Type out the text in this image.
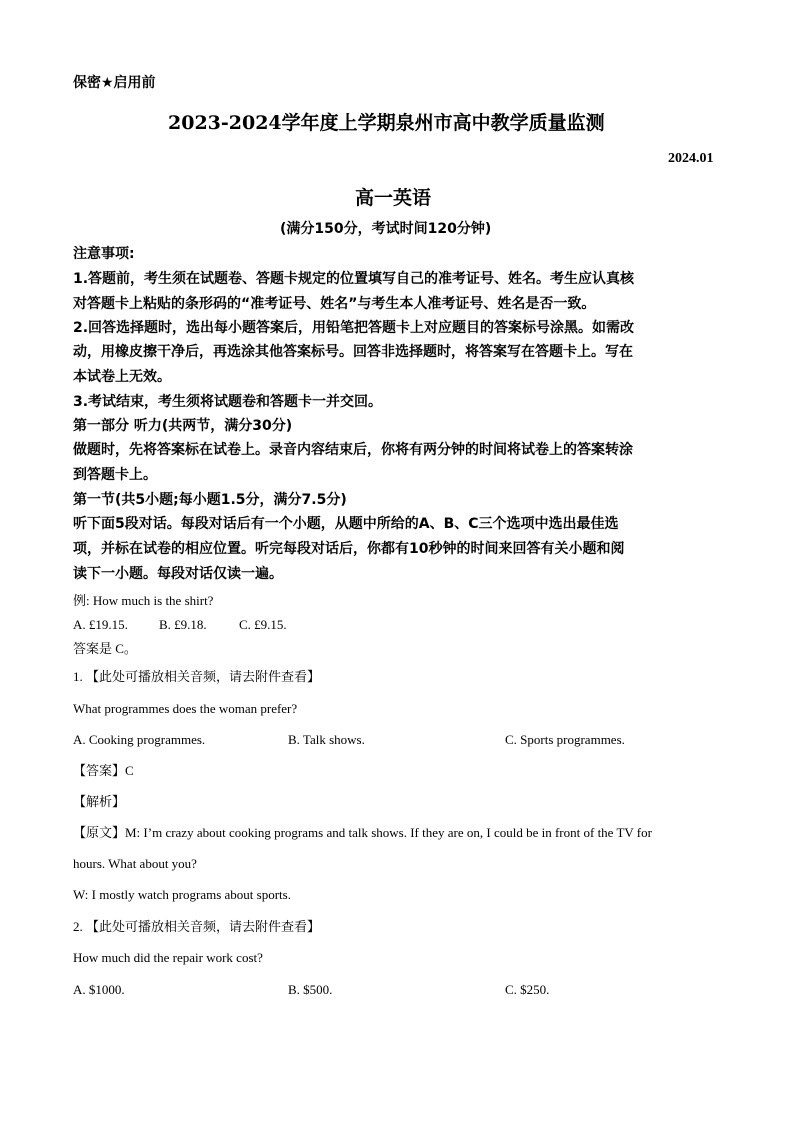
保密★启用前
2023-2024学年度上学期泉州市高中教学质量监测
2024.01
高一英语
(满分150分，考试时间120分钟)
注意事项:
1.答题前，考生须在试题卷、答题卡规定的位置填写自己的准考证号、姓名。考生应认真核
对答题卡上粘贴的条形码的“准考证号、姓名”与考生本人准考证号、姓名是否一致。
2.回答选择题时，选出每小题答案后，用铅笔把答题卡上对应题目的答案标号涂黑。如需改
动，用橡皮擦干净后，再选涂其他答案标号。回答非选择题时，将答案写在答题卡上。写在
本试卷上无效。
3.考试结束，考生须将试题卷和答题卡一并交回。
第一部分 听力(共两节，满分30分)
做题时，先将答案标在试卷上。录音内容结束后，你将有两分钟的时间将试卷上的答案转涂
到答题卡上。
第一节(共5小题;每小题1.5分，满分7.5分)
听下面5段对话。每段对话后有一个小题，从题中所给的A、B、C三个选项中选出最佳选
项，并标在试卷的相应位置。听完每段对话后，你都有10秒钟的时间来回答有关小题和阅
读下一小题。每段对话仅读一遍。
例: How much is the shirt?
A. £19.15. B. £9.18. C. £9.15.
答案是 C。
1. 【此处可播放相关音频，请去附件查看】
What programmes does the woman prefer?
A. Cooking programmes.	B. Talk shows.	C. Sports programmes.
【答案】C
【解析】
【原文】M: I’m crazy about cooking programs and talk shows. If they are on, I could be in front of the TV for
hours. What about you?
W: I mostly watch programs about sports.
2. 【此处可播放相关音频，请去附件查看】
How much did the repair work cost?
A. $1000.	B. $500.	C. $250.
